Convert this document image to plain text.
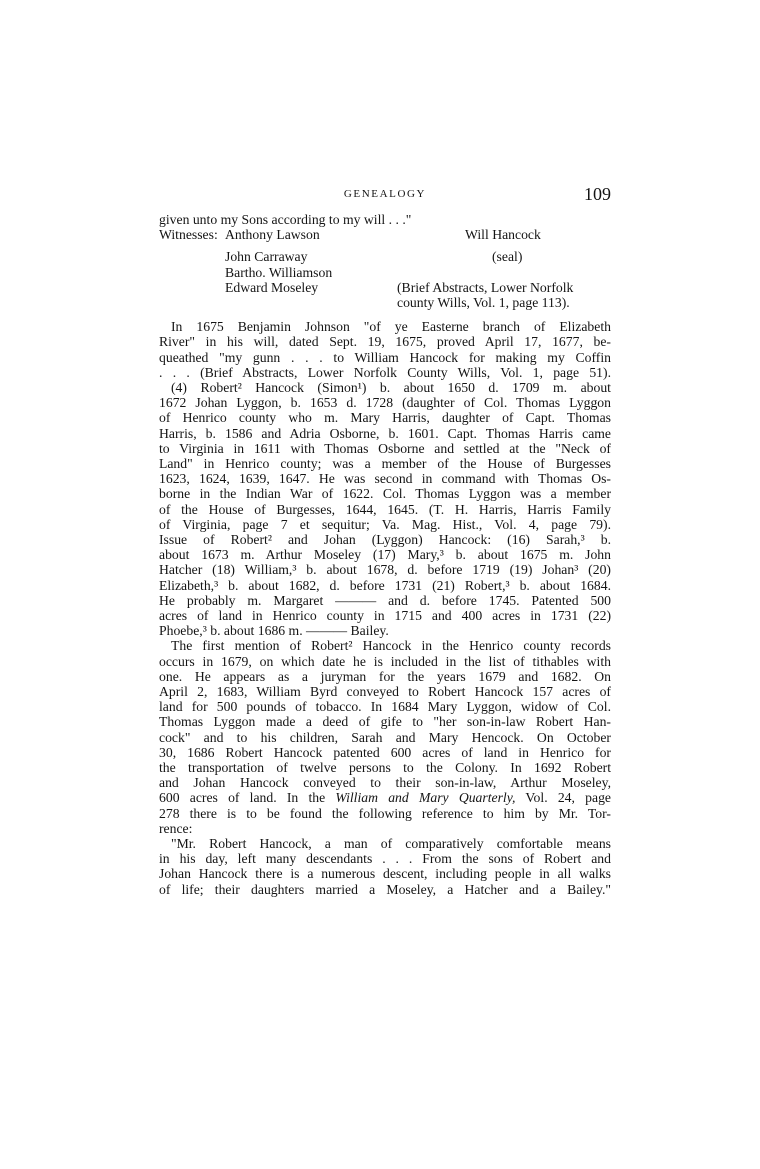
GENEALOGY	109
given unto my Sons according to my will . . ."
Witnesses: Anthony Lawson	Will Hancock
John Carraway	(seal)
Bartho. Williamson
Edward Moseley	(Brief Abstracts, Lower Norfolk
county Wills, Vol. 1, page 113).
In 1675 Benjamin Johnson "of ye Easterne branch of Elizabeth
River" in his will, dated Sept. 19, 1675, proved April 17, 1677, be-
queathed "my gunn . . . to William Hancock for making my Coffin
. . . (Brief Abstracts, Lower Norfolk County Wills, Vol. 1, page 51).
(4) Robert² Hancock (Simon¹) b. about 1650 d. 1709 m. about
1672 Johan Lyggon, b. 1653 d. 1728 (daughter of Col. Thomas Lyggon
of Henrico county who m. Mary Harris, daughter of Capt. Thomas
Harris, b. 1586 and Adria Osborne, b. 1601. Capt. Thomas Harris came
to Virginia in 1611 with Thomas Osborne and settled at the "Neck of
Land" in Henrico county; was a member of the House of Burgesses
1623, 1624, 1639, 1647. He was second in command with Thomas Os-
borne in the Indian War of 1622. Col. Thomas Lyggon was a member
of the House of Burgesses, 1644, 1645. (T. H. Harris, Harris Family
of Virginia, page 7 et sequitur; Va. Mag. Hist., Vol. 4, page 79).
Issue of Robert² and Johan (Lyggon) Hancock: (16) Sarah,³ b.
about 1673 m. Arthur Moseley (17) Mary,³ b. about 1675 m. John
Hatcher (18) William,³ b. about 1678, d. before 1719 (19) Johan³ (20)
Elizabeth,³ b. about 1682, d. before 1731 (21) Robert,³ b. about 1684.
He probably m. Margaret ——— and d. before 1745. Patented 500
acres of land in Henrico county in 1715 and 400 acres in 1731 (22)
Phoebe,³ b. about 1686 m. ——— Bailey.
The first mention of Robert² Hancock in the Henrico county records
occurs in 1679, on which date he is included in the list of tithables with
one. He appears as a juryman for the years 1679 and 1682. On
April 2, 1683, William Byrd conveyed to Robert Hancock 157 acres of
land for 500 pounds of tobacco. In 1684 Mary Lyggon, widow of Col.
Thomas Lyggon made a deed of gife to "her son-in-law Robert Han-
cock" and to his children, Sarah and Mary Hencock. On October
30, 1686 Robert Hancock patented 600 acres of land in Henrico for
the transportation of twelve persons to the Colony. In 1692 Robert
and Johan Hancock conveyed to their son-in-law, Arthur Moseley,
600 acres of land. In the William and Mary Quarterly, Vol. 24, page
278 there is to be found the following reference to him by Mr. Tor-
rence:
"Mr. Robert Hancock, a man of comparatively comfortable means
in his day, left many descendants . . . From the sons of Robert and
Johan Hancock there is a numerous descent, including people in all walks
of life; their daughters married a Moseley, a Hatcher and a Bailey."
